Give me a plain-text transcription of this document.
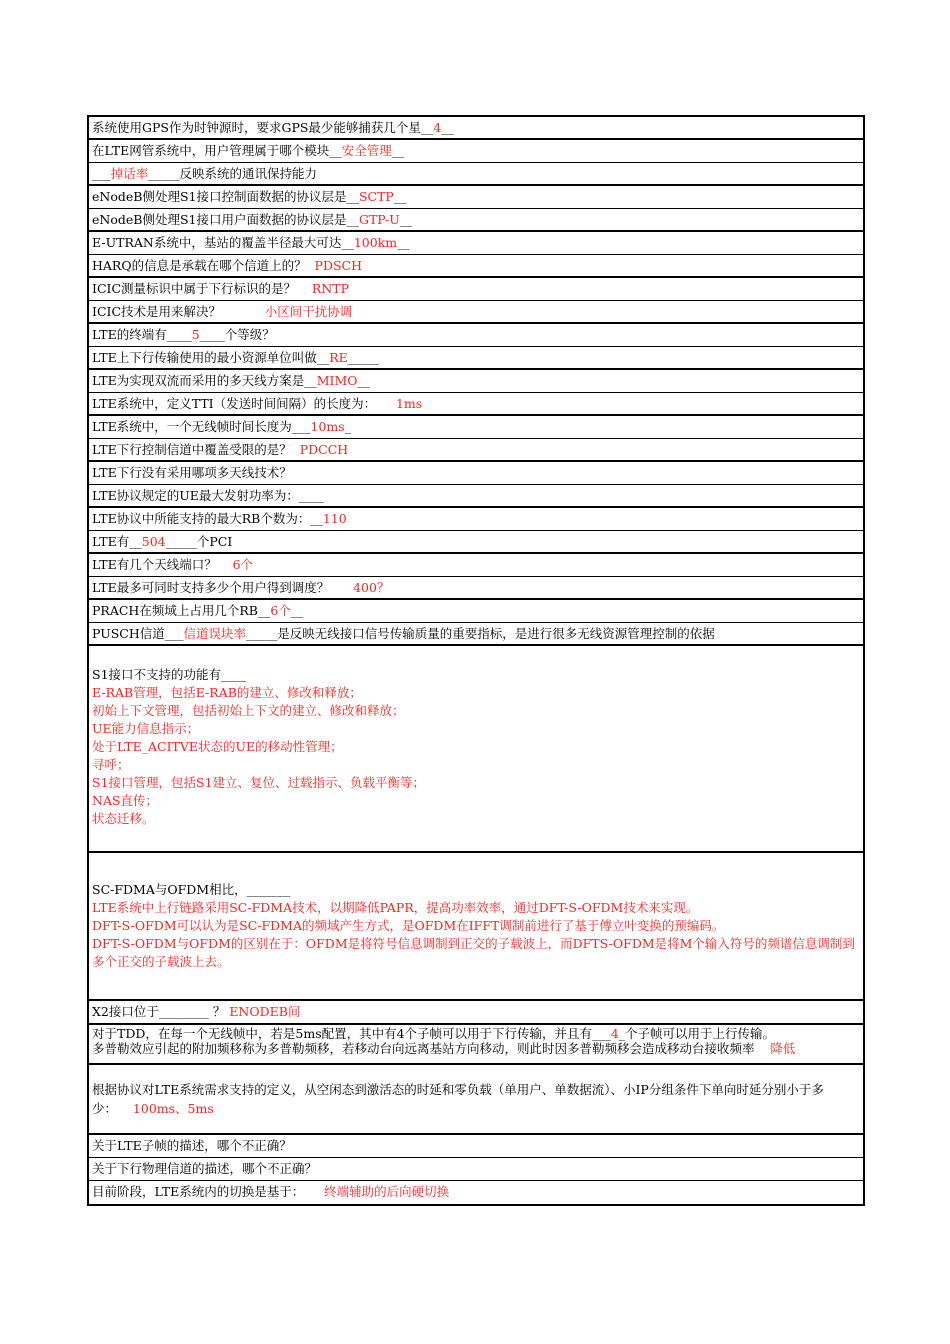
系统使用GPS作为时钟源时，要求GPS最少能够捕获几个星__4__
在LTE网管系统中，用户管理属于哪个模块__安全管理__
___掉话率_____反映系统的通讯保持能力
eNodeB侧处理S1接口控制面数据的协议层是__SCTP__
eNodeB侧处理S1接口用户面数据的协议层是__GTP-U__
E-UTRAN系统中，基站的覆盖半径最大可达__100km__
HARQ的信息是承载在哪个信道上的？ PDSCH
ICIC测量标识中属于下行标识的是？ RNTP
ICIC技术是用来解决？	小区间干扰协调
LTE的终端有____5____个等级？
LTE上下行传输使用的最小资源单位叫做__RE_____
LTE为实现双流而采用的多天线方案是__MIMO__
LTE系统中，定义TTI（发送时间间隔）的长度为： 1ms
LTE系统中，一个无线帧时间长度为___10ms_
LTE下行控制信道中覆盖受限的是？ PDCCH
LTE下行没有采用哪项多天线技术？
LTE协议规定的UE最大发射功率为：____
LTE协议中所能支持的最大RB个数为：__110
LTE有__504_____个PCI
LTE有几个天线端口？ 6个
LTE最多可同时支持多少个用户得到调度？ 400？
PRACH在频域上占用几个RB__6个__
PUSCH信道___信道误块率_____是反映无线接口信号传输质量的重要指标，是进行很多无线资源管理控制的依据
S1接口不支持的功能有____
E-RAB管理，包括E-RAB的建立、修改和释放；
初始上下文管理，包括初始上下文的建立、修改和释放；
UE能力信息指示；
处于LTE_ACITVE状态的UE的移动性管理；
寻呼；
S1接口管理，包括S1建立、复位、过载指示、负载平衡等；
NAS直传；
状态迁移。
SC-FDMA与OFDM相比，_______
LTE系统中上行链路采用SC-FDMA技术，以期降低PAPR，提高功率效率，通过DFT-S-OFDM技术来实现。
DFT-S-OFDM可以认为是SC-FDMA的频域产生方式，是OFDM在IFFT调制前进行了基于傅立叶变换的预编码。
DFT-S-OFDM与OFDM的区别在于：OFDM是将符号信息调制到正交的子载波上，而DFTS-OFDM是将M个输入符号的频谱信息调制到多个正交的子载波上去。
X2接口位于________ ？ ENODEB间
对于TDD，在每一个无线帧中，若是5ms配置，其中有4个子帧可以用于下行传输，并且有___4_个子帧可以用于上行传输。
多普勒效应引起的附加频移称为多普勒频移，若移动台向远离基站方向移动，则此时因多普勒频移会造成移动台接收频率 降低
根据协议对LTE系统需求支持的定义，从空闲态到激活态的时延和零负载（单用户、单数据流）、小IP分组条件下单向时延分别小于多少： 100ms、5ms
关于LTE子帧的描述，哪个不正确？
关于下行物理信道的描述，哪个不正确？
目前阶段，LTE系统内的切换是基于： 终端辅助的后向硬切换
